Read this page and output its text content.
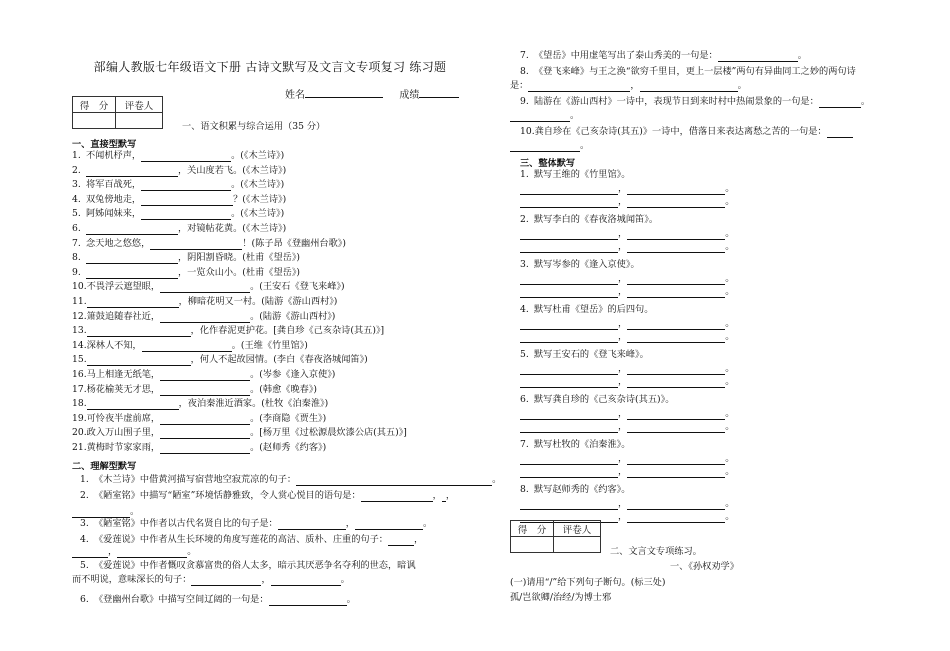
部编人教版七年级语文下册 古诗文默写及文言文专项复习 练习题
姓名	成绩
得　分	评卷人

一、语文积累与综合运用（35 分）
一、直接型默写
1. 不闻机杼声，	。(《木兰诗》)
2.	，关山度若飞。(《木兰诗》)
3. 将军百战死，	。(《木兰诗》)
4. 双兔傍地走，	？(《木兰诗》)
5. 阿姊闻妹来，	。(《木兰诗》)
6.	，对镜帖花黄。(《木兰诗》)
7. 念天地之悠悠，	！(陈子昂《登幽州台歌》)
8.	，阴阳割昏晓。(杜甫《望岳》)
9.	，一览众山小。(杜甫《望岳》)
10.不畏浮云遮望眼，	。(王安石《登飞来峰》)
11.	，柳暗花明又一村。(陆游《游山西村》)
12.箫鼓追随春社近，	。(陆游《游山西村》)
13.	，化作春泥更护花。[龚自珍《己亥杂诗(其五)》]
14.深林人不知，	。(王维《竹里馆》)
15.	，何人不起故园情。(李白《春夜洛城闻笛》)
16.马上相逢无纸笔，	。(岑参《逢入京使》)
17.杨花榆荚无才思，	。(韩愈《晚春》)
18.	，夜泊秦淮近酒家。(杜牧《泊秦淮》)
19.可怜夜半虚前席，	。(李商隐《贾生》)
20.政入万山围子里，	。[杨万里《过松源晨炊漆公店(其五)》]
21.黄梅时节家家雨，	。(赵师秀《约客》)
二、理解型默写
1. 《木兰诗》中借黄河描写宿营地空寂荒凉的句子：	。
2. 《陋室铭》中描写“陋室”环境恬静雅致，令人赏心悦目的语句是：	， ，
3. 《陋室铭》中作者以古代名贤自比的句子是：	，	。
4. 《爱莲说》中作者从生长环境的角度写莲花的高洁、质朴、庄重的句子：	，
5. 《爱莲说》中作者慨叹贪慕富贵的俗人太多，暗示其厌恶争名夺利的世态，暗讽
而不明说，意味深长的句子：	，	。
6. 《登幽州台歌》中描写空间辽阔的一句是：	。
。
，	。
7. 《望岳》中用虚笔写出了泰山秀美的一句是：	。
8. 《登飞来峰》与王之涣“欲穷千里目，更上一层楼”两句有异曲同工之妙的两句诗
是：	，	。
9. 陆游在《游山西村》一诗中，表现节日到来时村中热闹景象的一句是：	。
10.龚自珍在《己亥杂诗(其五)》一诗中，借落日来表达离愁之苦的一句是：
。
。
三、整体默写
1. 默写王维的《竹里馆》。
，	。
，	。
2. 默写李白的《春夜洛城闻笛》。
，	。
，	。
3. 默写岑参的《逢入京使》。
，	。
，	。
4. 默写杜甫《望岳》的后四句。
，	。
，	。
5. 默写王安石的《登飞来峰》。
，	。
，	。
6. 默写龚自珍的《己亥杂诗(其五)》。
，	。
，	。
7. 默写杜牧的《泊秦淮》。
，	。
，	。
8. 默写赵师秀的《约客》。
，	。
，	。
得　分	评卷人

二、文言文专项练习。
一、《孙权劝学》
(一)请用“/”给下列句子断句。(标三处)
孤/岂欲卿/治经/为博士邪
